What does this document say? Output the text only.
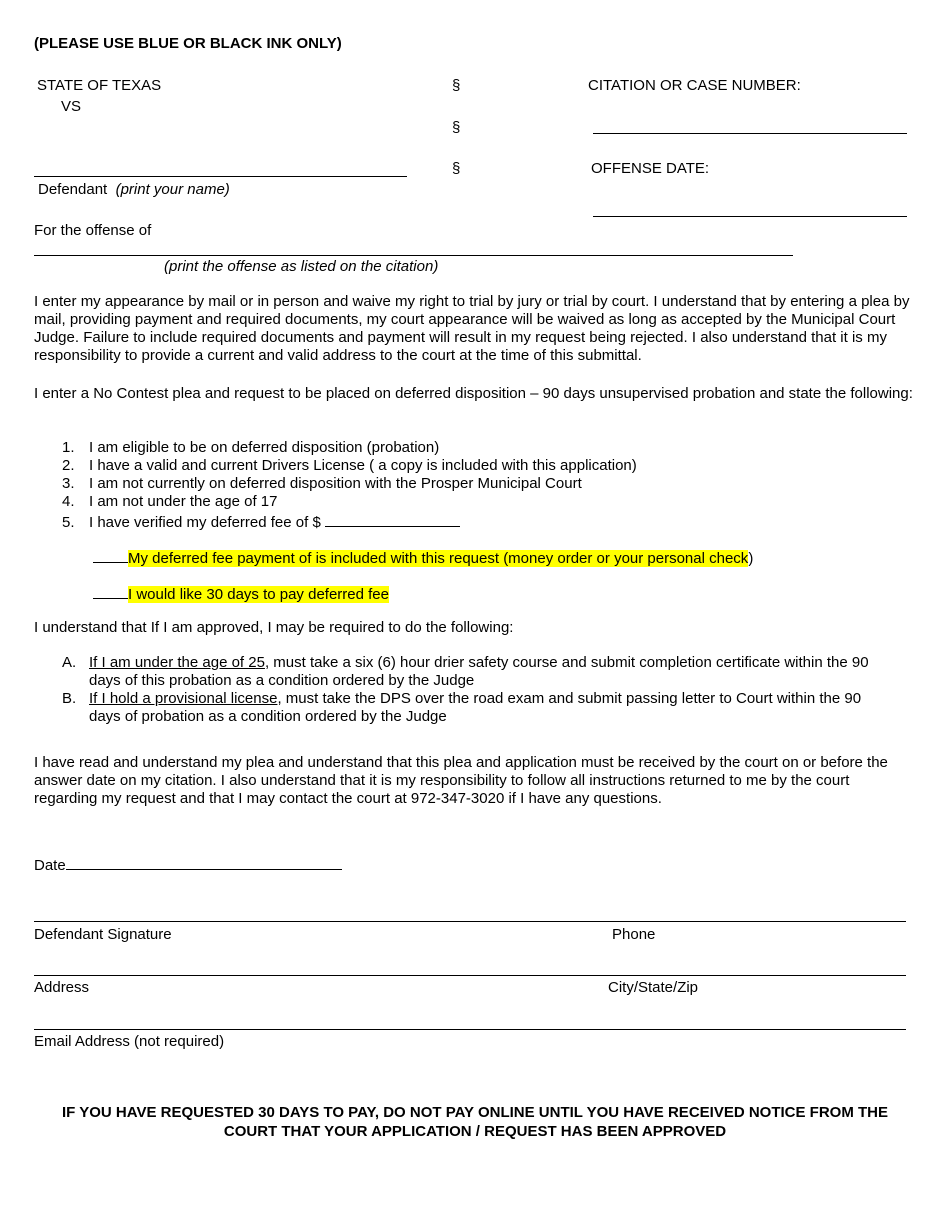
(PLEASE USE BLUE OR BLACK INK ONLY)
STATE OF TEXAS
VS
§
§
§
CITATION OR CASE NUMBER:
OFFENSE DATE:
Defendant (print your name)
For the offense of
(print the offense as listed on the citation)
I enter my appearance by mail or in person and waive my right to trial by jury or trial by court. I understand that by entering a plea by mail, providing payment and required documents, my court appearance will be waived as long as accepted by the Municipal Court Judge. Failure to include required documents and payment will result in my request being rejected. I also understand that it is my responsibility to provide a current and valid address to the court at the time of this submittal.
I enter a No Contest plea and request to be placed on deferred disposition – 90 days unsupervised probation and state the following:
1. I am eligible to be on deferred disposition (probation)
2. I have a valid and current Drivers License ( a copy is included with this application)
3. I am not currently on deferred disposition with the Prosper Municipal Court
4. I am not under the age of 17
5. I have verified my deferred fee of $
My deferred fee payment of is included with this request (money order or your personal check)
I would like 30 days to pay deferred fee
I understand that If I am approved, I may be required to do the following:
A. If I am under the age of 25, must take a six (6) hour drier safety course and submit completion certificate within the 90
days of this probation as a condition ordered by the Judge
B. If I hold a provisional license, must take the DPS over the road exam and submit passing letter to Court within the 90
days of probation as a condition ordered by the Judge
I have read and understand my plea and understand that this plea and application must be received by the court on or before the answer date on my citation. I also understand that it is my responsibility to follow all instructions returned to me by the court regarding my request and that I may contact the court at 972-347-3020 if I have any questions.
Date
Defendant Signature	Phone
Address	City/State/Zip
Email Address (not required)
IF YOU HAVE REQUESTED 30 DAYS TO PAY, DO NOT PAY ONLINE UNTIL YOU HAVE RECEIVED NOTICE FROM THE
COURT THAT YOUR APPLICATION / REQUEST HAS BEEN APPROVED
